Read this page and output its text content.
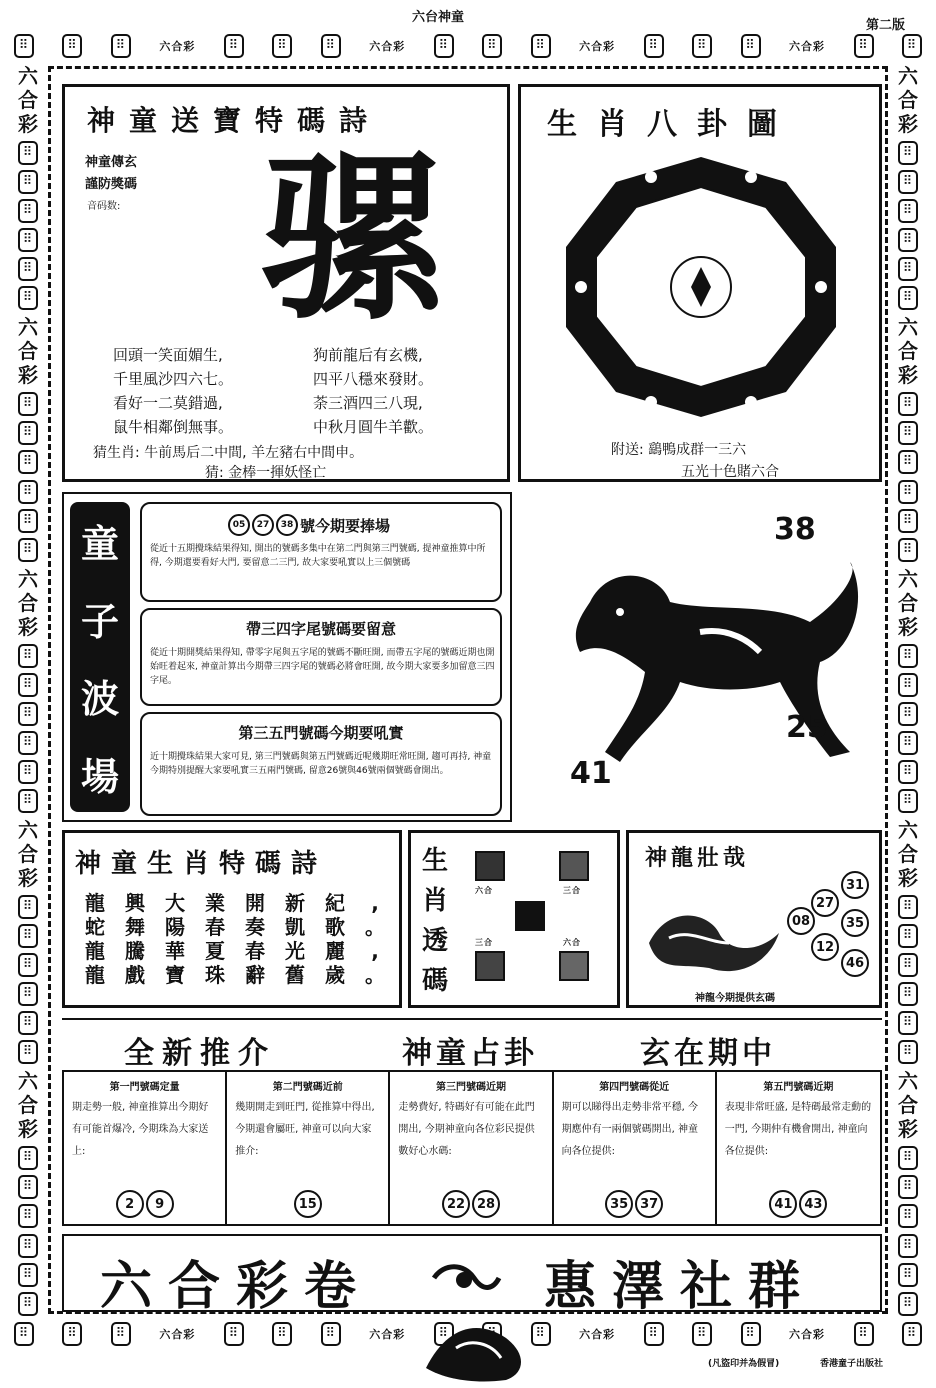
六台神童
第二版
⠿
⠿
⠿
六合彩 ⠿ ⠿ ⠿	六合彩 ⠿ ⠿ ⠿	六合彩 ⠿ ⠿ ⠿	六合彩
⠿
⠿
⠿
⠿
⠿
六合彩 ⠿ ⠿ ⠿	六合彩 ⠿ ⠿ ⠿	六合彩 ⠿ ⠿ ⠿	六合彩
⠿
⠿
六
合
彩
⠿
⠿
⠿
⠿
⠿
⠿
六
合
彩
⠿
⠿
⠿
⠿
⠿
⠿
六
合
彩
⠿
⠿
⠿
⠿
⠿
⠿
六
合
彩
⠿
⠿
⠿
⠿
⠿
⠿
六
合
彩
⠿
⠿
⠿
⠿
⠿
⠿
六
合
彩
⠿
⠿
⠿
⠿
⠿
⠿
六
合
彩
⠿
⠿
⠿
⠿
⠿
⠿
六
合
彩
⠿
⠿
⠿
⠿
⠿
⠿
六
合
彩
⠿
⠿
⠿
⠿
⠿
⠿
六
合
彩
⠿
⠿
⠿
⠿
⠿
⠿
神童送寶特碼詩
神童傳玄
謹防獎碼
音码数: 骡
回頭一笑面媚生,
千里風沙四六七。
看好一二莫錯過,
鼠牛相鄰倒無事。
狗前龍后有玄機,
四平八穩來發財。
荼三酒四三八現,
中秋月圓牛羊歡。
猜生肖: 牛前馬后二中間, 羊左豬右中間申。
猜: 金棒一揮妖怪亡
生肖八卦圖
附送: 鷂鴨成群一三六
五光十色賭六合
童
子
波
場
05	27	38 號今期要捧場
從近十五期攪珠結果得知, 開出的號碼多集中在第二門與第三門號碼, 提神童推算中所得, 今期還要看好大門, 要留意二三門, 故大家要吼實以上三個號碼
帶三四字尾號碼要留意
從近十期開獎結果得知, 帶零字尾與五字尾的號碼不斷旺開, 而帶五字尾的號碼近期也開始旺着起來, 神童計算出今期帶三四字尾的號碼必將會旺開, 故今期大家要多加留意三四字尾。
第三五門號碼今期要吼實
近十期攪珠結果大家可見, 第三門號碼與第五門號碼近呢幾期旺常旺開, 趨可再持, 神童今期特別提醒大家要吼實三五兩門號碼, 留意26號與46號兩個號碼會開出。
38
25
41
神童生肖特碼詩
龍	興	大	業	開	新	紀	,
蛇	舞	陽	春	奏	凱	歌	。
龍	騰	華	夏	春	光	麗	,
龍	戲	寶	珠	辭	舊	歲	。
生
肖
透
碼
六合	三合
三合	六合
神龍壯哉
31
27
08	35
12
46
神龍今期提供玄碼
全新推介	神童占卦	玄在期中
第一門號碼定量
期走勢一般, 神童推算出今期好有可能首爆冷, 今期珠為大家送上:
2	9
第二門號碼近前
幾期開走到旺門, 從推算中得出, 今期還會屬旺, 神童可以向大家推介:
15
第三門號碼近期
走勢費好, 特碼好有可能在此門開出, 今期神童向各位彩民提供數好心水碼:
22 28
第四門號碼從近
期可以睇得出走勢非常平穩, 今期應仲有一兩個號碼開出, 神童向各位提供:
35 37
第五門號碼近期
表現非常旺盛, 是特碼最常走動的一門, 今期仲有機會開出, 神童向各位提供:
41 43
六合彩卷	惠澤社群
(凡盜印并為假冒)	香港童子出版社
